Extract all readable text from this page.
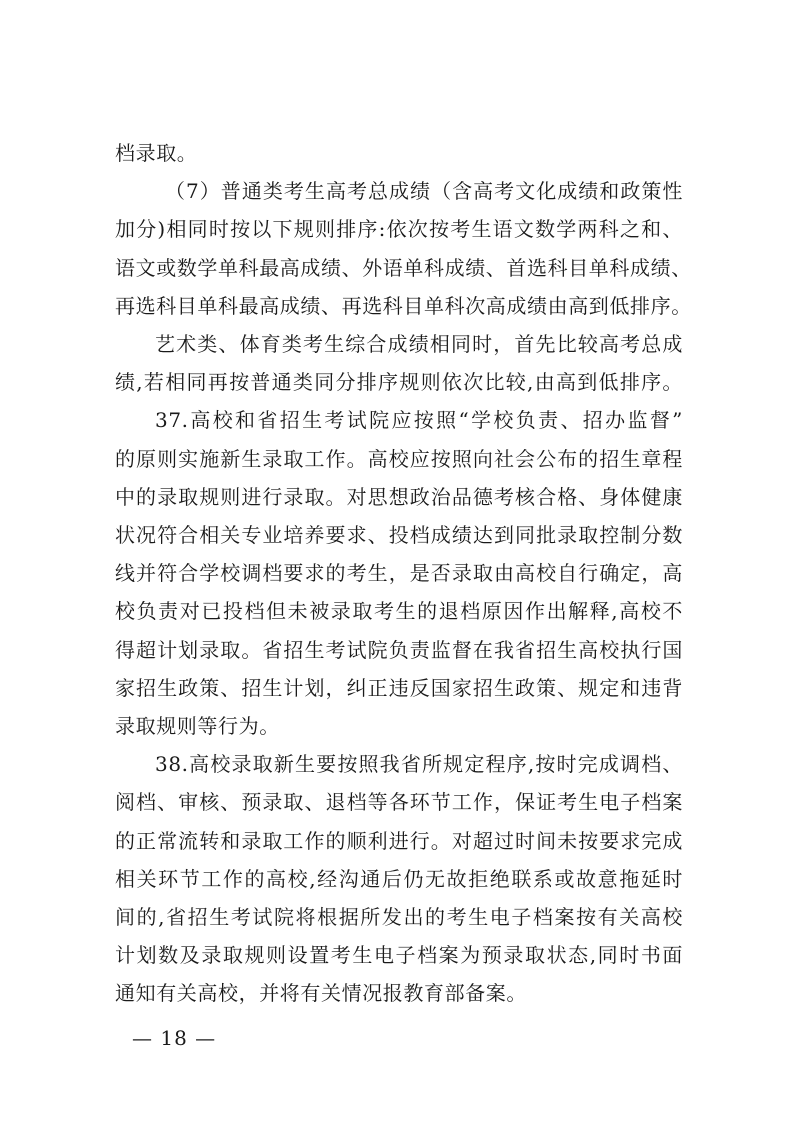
档录取。

（7）普通类考生高考总成绩（含高考文化成绩和政策性
加分)相同时按以下规则排序:依次按考生语文数学两科之和、
语文或数学单科最高成绩、外语单科成绩、首选科目单科成绩、
再选科目单科最高成绩、再选科目单科次高成绩由高到低排序。

艺术类、体育类考生综合成绩相同时，首先比较高考总成
绩,若相同再按普通类同分排序规则依次比较,由高到低排序。

37.高校和省招生考试院应按照“学校负责、招办监督”
的原则实施新生录取工作。高校应按照向社会公布的招生章程
中的录取规则进行录取。对思想政治品德考核合格、身体健康
状况符合相关专业培养要求、投档成绩达到同批录取控制分数
线并符合学校调档要求的考生，是否录取由高校自行确定，高
校负责对已投档但未被录取考生的退档原因作出解释,高校不
得超计划录取。省招生考试院负责监督在我省招生高校执行国
家招生政策、招生计划，纠正违反国家招生政策、规定和违背
录取规则等行为。

38.高校录取新生要按照我省所规定程序,按时完成调档、
阅档、审核、预录取、退档等各环节工作，保证考生电子档案
的正常流转和录取工作的顺利进行。对超过时间未按要求完成
相关环节工作的高校,经沟通后仍无故拒绝联系或故意拖延时
间的,省招生考试院将根据所发出的考生电子档案按有关高校
计划数及录取规则设置考生电子档案为预录取状态,同时书面
通知有关高校，并将有关情况报教育部备案。

— 18 —
